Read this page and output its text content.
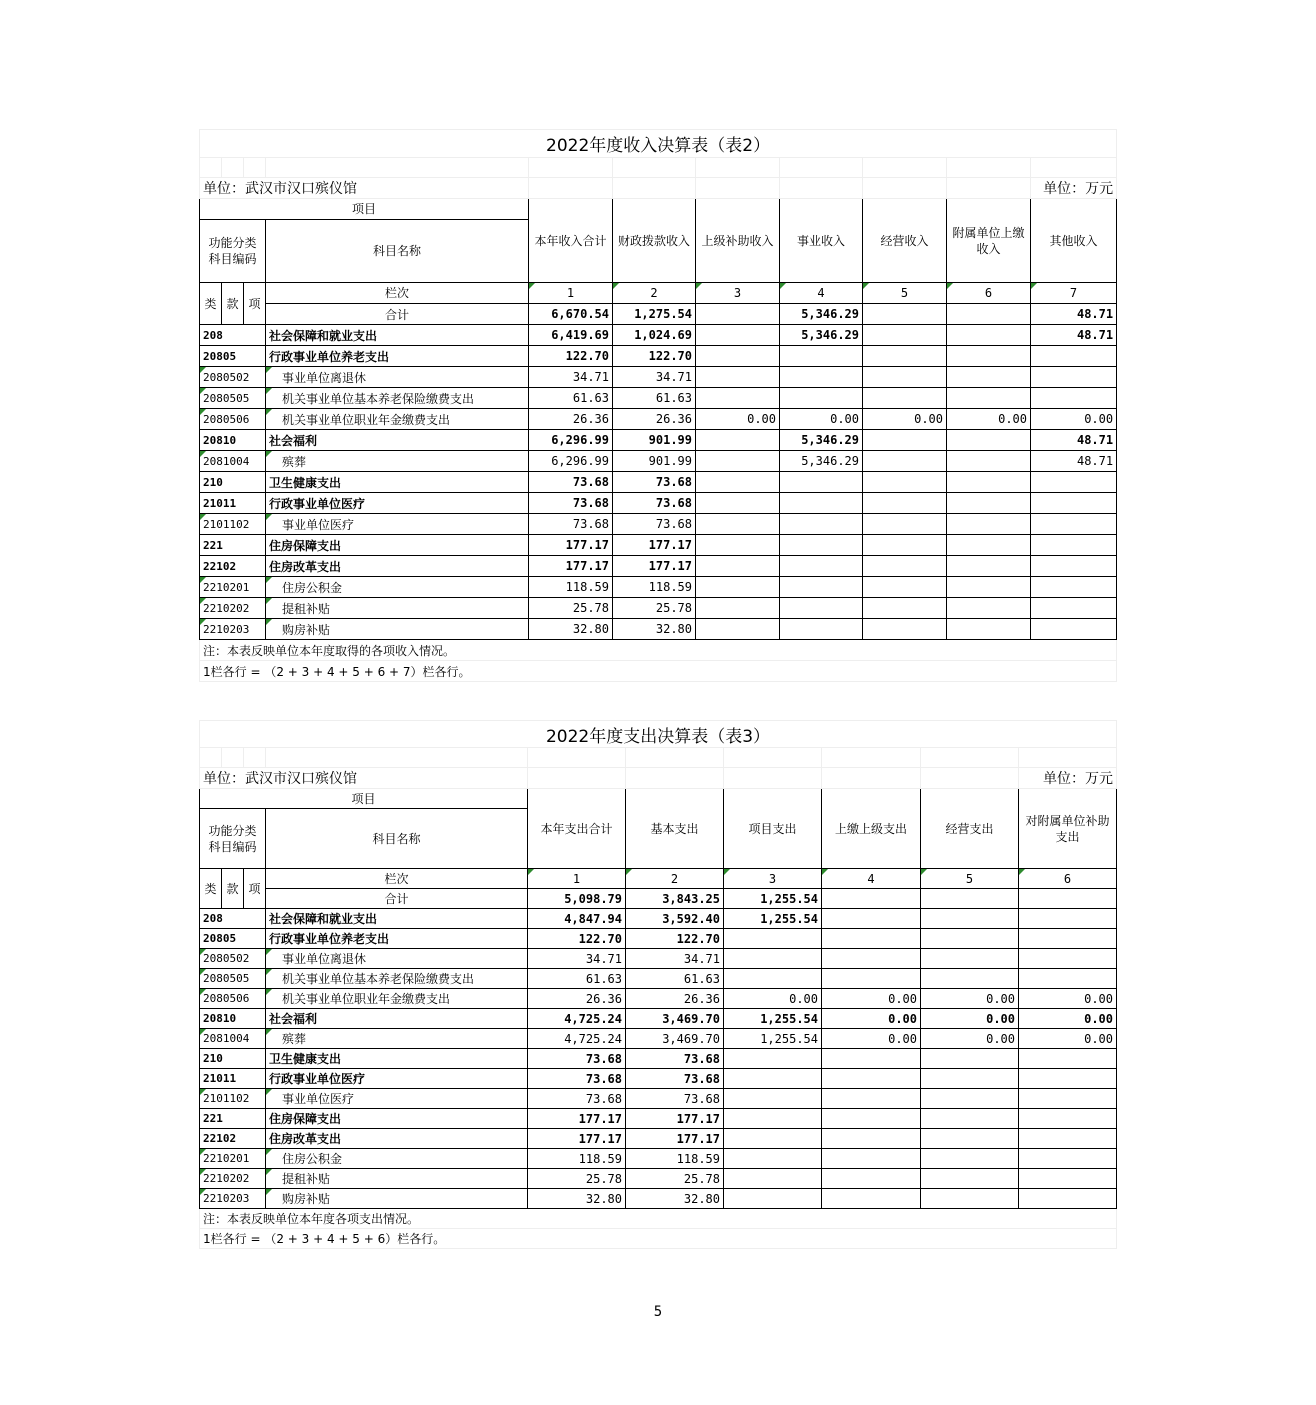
2022年度收入决算表（表2）										

单位：武汉市汉口殡仪馆										单位：万元
项目				本年收入合计	财政拨款收入	上级补助收入	事业收入	经营收入	附属单位上缴收入	其他收入
功能分类
科目编码			科目名称							
类	款	项	栏次	1	2	3	4	5	6	7
			合计	6,670.54	1,275.54		5,346.29			48.71
208			社会保障和就业支出	6,419.69	1,024.69		5,346.29			48.71
20805			行政事业单位养老支出	122.70	122.70					
2080502			事业单位离退休	34.71	34.71					
2080505			机关事业单位基本养老保险缴费支出	61.63	61.63					
2080506			机关事业单位职业年金缴费支出	26.36	26.36	0.00	0.00	0.00	0.00	0.00
20810			社会福利	6,296.99	901.99		5,346.29			48.71
2081004			殡葬	6,296.99	901.99		5,346.29			48.71
210			卫生健康支出	73.68	73.68					
21011			行政事业单位医疗	73.68	73.68					
2101102			事业单位医疗	73.68	73.68					
221			住房保障支出	177.17	177.17					
22102			住房改革支出	177.17	177.17					
2210201			住房公积金	118.59	118.59					
2210202			提租补贴	25.78	25.78					
2210203			购房补贴	32.80	32.80					
注：本表反映单位本年度取得的各项收入情况。										
1栏各行 = （2 + 3 + 4 + 5 + 6 + 7）栏各行。										
2022年度支出决算表（表3）									

单位：武汉市汉口殡仪馆									单位：万元
项目				本年支出合计	基本支出	项目支出	上缴上级支出	经营支出	对附属单位补助支出
功能分类
科目编码			科目名称						
类	款	项	栏次	1	2	3	4	5	6
			合计	5,098.79	3,843.25	1,255.54			
208			社会保障和就业支出	4,847.94	3,592.40	1,255.54			
20805			行政事业单位养老支出	122.70	122.70				
2080502			事业单位离退休	34.71	34.71				
2080505			机关事业单位基本养老保险缴费支出	61.63	61.63				
2080506			机关事业单位职业年金缴费支出	26.36	26.36	0.00	0.00	0.00	0.00
20810			社会福利	4,725.24	3,469.70	1,255.54	0.00	0.00	0.00
2081004			殡葬	4,725.24	3,469.70	1,255.54	0.00	0.00	0.00
210			卫生健康支出	73.68	73.68				
21011			行政事业单位医疗	73.68	73.68				
2101102			事业单位医疗	73.68	73.68				
221			住房保障支出	177.17	177.17				
22102			住房改革支出	177.17	177.17				
2210201			住房公积金	118.59	118.59				
2210202			提租补贴	25.78	25.78				
2210203			购房补贴	32.80	32.80				
注：本表反映单位本年度各项支出情况。									
1栏各行 = （2 + 3 + 4 + 5 + 6）栏各行。									
5
